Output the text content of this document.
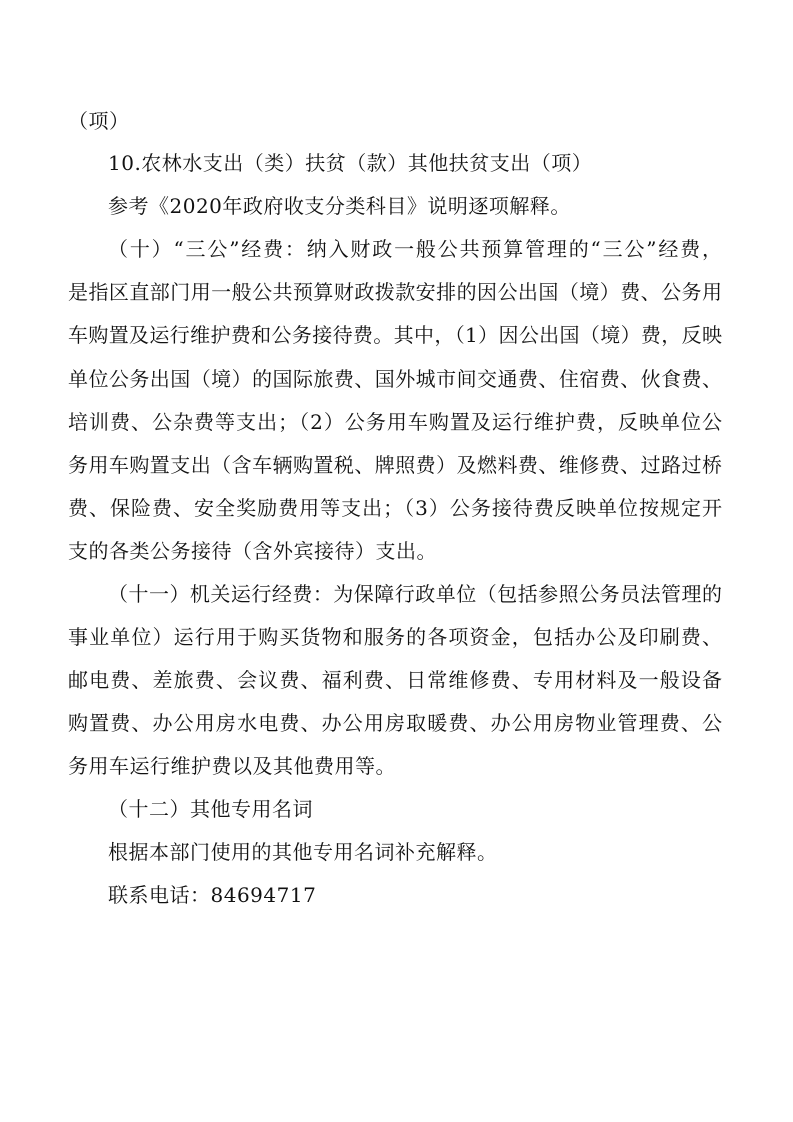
（项）
10.农林水支出（类）扶贫（款）其他扶贫支出（项）
参考《2020年政府收支分类科目》说明逐项解释。
（十）“三公”经费：纳入财政一般公共预算管理的“三公”经费，
是指区直部门用一般公共预算财政拨款安排的因公出国（境）费、公务用
车购置及运行维护费和公务接待费。其中，（1）因公出国（境）费，反映
单位公务出国（境）的国际旅费、国外城市间交通费、住宿费、伙食费、
培训费、公杂费等支出；（2）公务用车购置及运行维护费，反映单位公
务用车购置支出（含车辆购置税、牌照费）及燃料费、维修费、过路过桥
费、保险费、安全奖励费用等支出；（3）公务接待费反映单位按规定开
支的各类公务接待（含外宾接待）支出。
（十一）机关运行经费：为保障行政单位（包括参照公务员法管理的
事业单位）运行用于购买货物和服务的各项资金，包括办公及印刷费、
邮电费、差旅费、会议费、福利费、日常维修费、专用材料及一般设备
购置费、办公用房水电费、办公用房取暖费、办公用房物业管理费、公
务用车运行维护费以及其他费用等。
（十二）其他专用名词
根据本部门使用的其他专用名词补充解释。
联系电话：84694717
